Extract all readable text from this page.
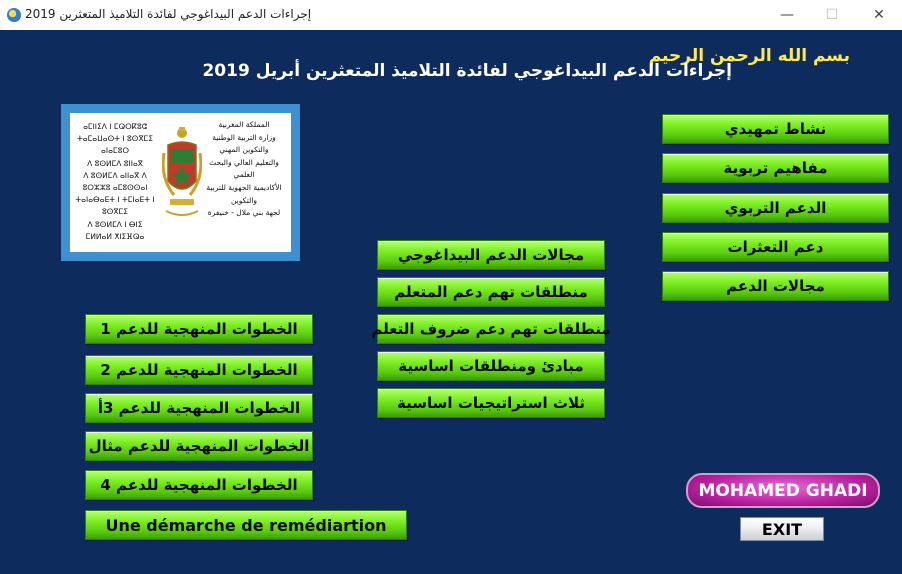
إجراءات الدعم البيداغوجي لفائدة التلاميذ المتعثرين 2019	—	☐	✕
بسم الله الرحمن الرحيم
إجراءات الدعم البيداغوجي لفائدة التلاميذ المتعثرين أبريل 2019
ⴰⵎⵏⵏⵉⴷ ⵏ ⵎⵕⵔⴽⵓⵛ
ⵜⴰⵎⴰⵡⴰⵙⵜ ⵏ ⵓⵙⴳⵎⵉ ⴰⵏⴰⵎⵓⵔ
ⴷ ⵓⵙⵍⵎⴷ ⵓⵏⵏⴰⴳ
ⴷ ⵓⵙⵍⵎⴷ ⴰⵏⵏⴰⴳ ⴷ ⵓⵔⵣⵣⵓ ⴰⵎⵓⵙⵙⴰⵏ
ⵜⴰⵏⴰⴱⴰⴹⵜ ⵏ ⵜⵎⵏⴰⴹⵜ ⵏ ⵓⵙⴳⵎⵉ
ⴷ ⵓⵙⵍⵎⴷ ⵏ ⴱⵏⵉ ⵎⵍⵍⴰⵍ ⵅⵏⵉⴼⵕⴰ
المملكة المغربية
وزارة التربية الوطنية
والتكوين المهني
والتعليم العالي والبحث العلمي
الأكاديمية الجهوية للتربية والتكوين
لجهة بني ملال - خنيفرة
نشاط تمهيدي
مفاهيم تربوية
الدعم التربوي
دعم التعثرات
مجالات الدعم
مجالات الدعم البيداغوجي
منطلقات تهم دعم المتعلم
منطلقات تهم دعم ضروف التعلم
مبادئ ومنطلقات اساسية
ثلاث استراتيجيات اساسية
الخطوات المنهجية للدعم 1
الخطوات المنهجية للدعم 2
الخطوات المنهجية للدعم 3أ
الخطوات المنهجية للدعم مثال
الخطوات المنهجية للدعم 4
Une démarche de remédiartion
MOHAMED GHADI
EXIT
